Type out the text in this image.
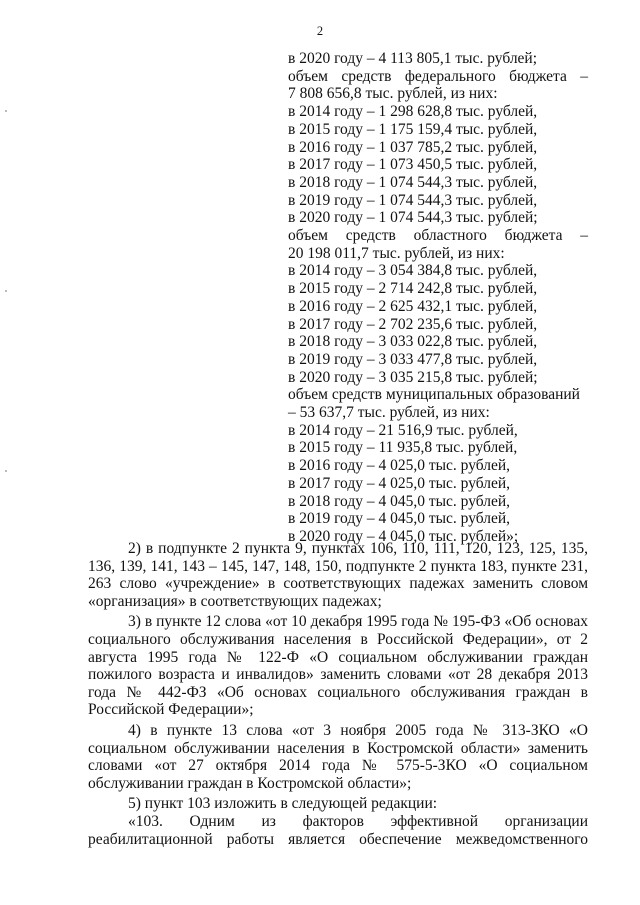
2
в 2020 году – 4 113 805,1 тыс. рублей;
объем средств федерального бюджета –
7 808 656,8 тыс. рублей, из них:
в 2014 году – 1 298 628,8 тыс. рублей,
в 2015 году – 1 175 159,4 тыс. рублей,
в 2016 году – 1 037 785,2 тыс. рублей,
в 2017 году – 1 073 450,5 тыс. рублей,
в 2018 году – 1 074 544,3 тыс. рублей,
в 2019 году – 1 074 544,3 тыс. рублей,
в 2020 году – 1 074 544,3 тыс. рублей;
объем средств областного бюджета –
20 198 011,7 тыс. рублей, из них:
в 2014 году – 3 054 384,8 тыс. рублей,
в 2015 году – 2 714 242,8 тыс. рублей,
в 2016 году – 2 625 432,1 тыс. рублей,
в 2017 году – 2 702 235,6 тыс. рублей,
в 2018 году – 3 033 022,8 тыс. рублей,
в 2019 году – 3 033 477,8 тыс. рублей,
в 2020 году – 3 035 215,8 тыс. рублей;
объем средств муниципальных образований
– 53 637,7 тыс. рублей, из них:
в 2014 году – 21 516,9 тыс. рублей,
в 2015 году – 11 935,8 тыс. рублей,
в 2016 году – 4 025,0 тыс. рублей,
в 2017 году – 4 025,0 тыс. рублей,
в 2018 году – 4 045,0 тыс. рублей,
в 2019 году – 4 045,0 тыс. рублей,
в 2020 году – 4 045,0 тыс. рублей»;

2) в подпункте 2 пункта 9, пунктах 106, 110, 111, 120, 123, 125, 135, 136, 139, 141, 143 – 145, 147, 148, 150, подпункте 2 пункта 183, пункте 231, 263 слово «учреждение» в соответствующих падежах заменить словом «организация» в соответствующих падежах;

3) в пункте 12 слова «от 10 декабря 1995 года № 195-ФЗ «Об основах социального обслуживания населения в Российской Федерации», от 2 августа 1995 года № 122-Ф «О социальном обслуживании граждан пожилого возраста и инвалидов» заменить словами «от 28 декабря 2013 года № 442-ФЗ «Об основах социального обслуживания граждан в Российской Федерации»;

4) в пункте 13 слова «от 3 ноября 2005 года № 313-ЗКО «О социальном обслуживании населения в Костромской области» заменить словами «от 27 октября 2014 года № 575-5-ЗКО «О социальном обслуживании граждан в Костромской области»;

5) пункт 103 изложить в следующей редакции:

«103. Одним из факторов эффективной организации реабилитационной работы является обеспечение межведомственного
